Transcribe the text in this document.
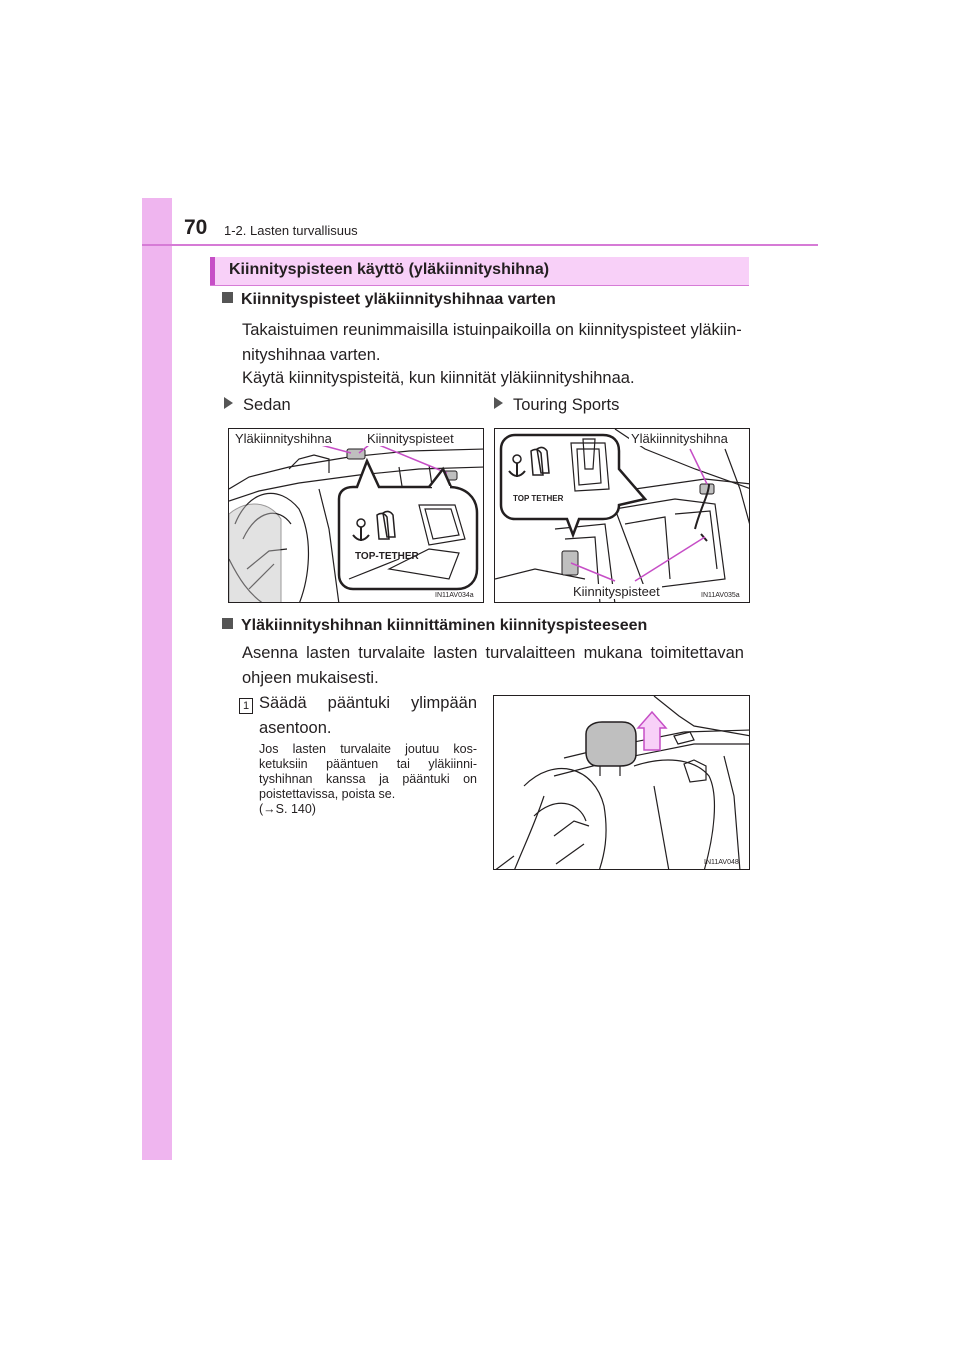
70 1-2. Lasten turvallisuus
Kiinnityspisteen käyttö (yläkiinnityshihna)
Kiinnityspisteet yläkiinnityshihnaa varten
Takaistuimen reunimmaisilla istuinpaikoilla on kiinnityspisteet yläkiin-nityshihnaa varten.
Käytä kiinnityspisteitä, kun kiinnität yläkiinnityshihnaa.
Sedan	Touring Sports
TOP-TETHER
Yläkiinnityshihna	Kiinnityspisteet
IN11AV034a
TOP TETHER
Yläkiinnityshihna
Kiinnityspisteet	IN11AV035a
Yläkiinnityshihnan kiinnittäminen kiinnityspisteeseen
Asenna lasten turvalaite lasten turvalaitteen mukana toimitettavan ohjeen mukaisesti.
1 Säädä pääntuki ylimpään asentoon.
Jos lasten turvalaite joutuu kos-ketuksiin pääntuen tai yläkiinni-tyshihnan kanssa ja pääntuki on poistettavissa, poista se.
(→S. 140)
IN11AV048
